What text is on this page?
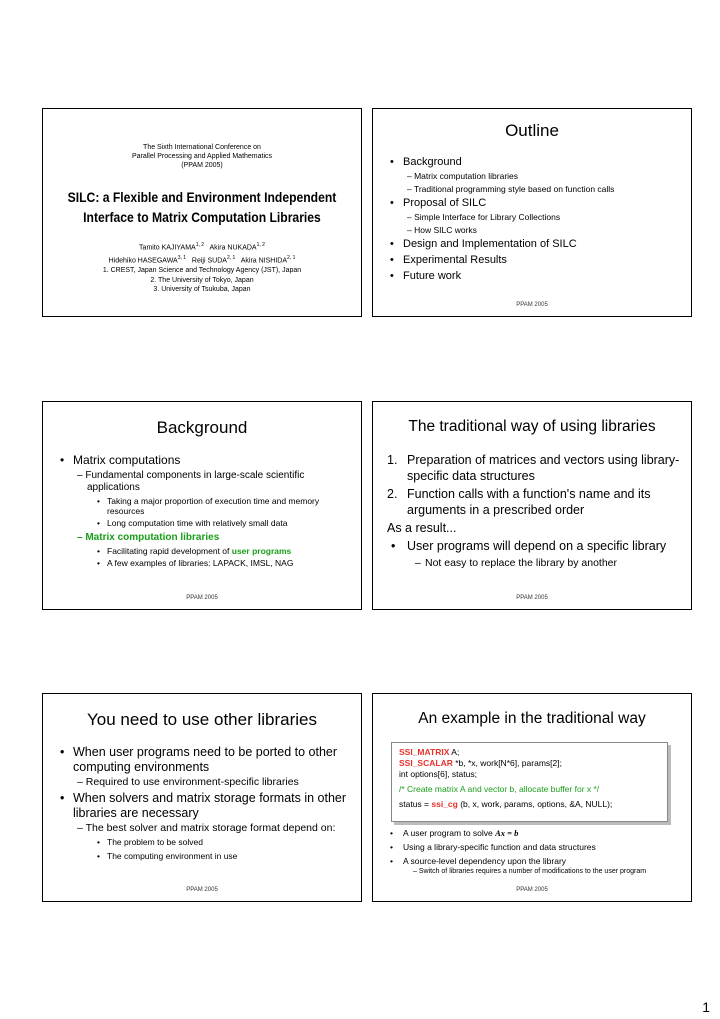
The Sixth International Conference on
Parallel Processing and Applied Mathematics
(PPAM 2005)
SILC: a Flexible and Environment Independent
Interface to Matrix Computation Libraries
Tamito KAJIYAMA$^{1, 2}$ Akira NUKADA$^{1, 2}$
Hidehiko HASEGAWA$^{3, 1}$ Reiji SUDA$^{2, 1}$ Akira NISHIDA$^{2, 1}$
1. CREST, Japan Science and Technology Agency (JST), Japan
2. The University of Tokyo, Japan
3. University of Tsukuba, Japan
Outline
• Background
– Matrix computation libraries
– Traditional programming style based on function calls
• Proposal of SILC
– Simple Interface for Library Collections
– How SILC works
• Design and Implementation of SILC
• Experimental Results
• Future work
PPAM 2005
Background
• Matrix computations
– Fundamental components in large-scale scientific applications
• Taking a major proportion of execution time and memory resources
• Long computation time with relatively small data
– Matrix computation libraries
• Facilitating rapid development of user programs
• A few examples of libraries: LAPACK, IMSL, NAG
PPAM 2005
The traditional way of using libraries
1. Preparation of matrices and vectors using library-specific data structures
2. Function calls with a function's name and its arguments in a prescribed order
As a result...
• User programs will depend on a specific library
– Not easy to replace the library by another
PPAM 2005
You need to use other libraries
• When user programs need to be ported to other computing environments
– Required to use environment-specific libraries
• When solvers and matrix storage formats in other libraries are necessary
– The best solver and matrix storage format depend on:
• The problem to be solved
• The computing environment in use
PPAM 2005
An example in the traditional way
SSI_MATRIX A;
SSI_SCALAR *b, *x, work[N*6], params[2];
int options[6], status;
/* Create matrix A and vector b, allocate buffer for x */
status = ssi_cg (b, x, work, params, options, &A, NULL);
• A user program to solve Ax = b
• Using a library-specific function and data structures
• A source-level dependency upon the library
– Switch of libraries requires a number of modifications to the user program
PPAM 2005
1
